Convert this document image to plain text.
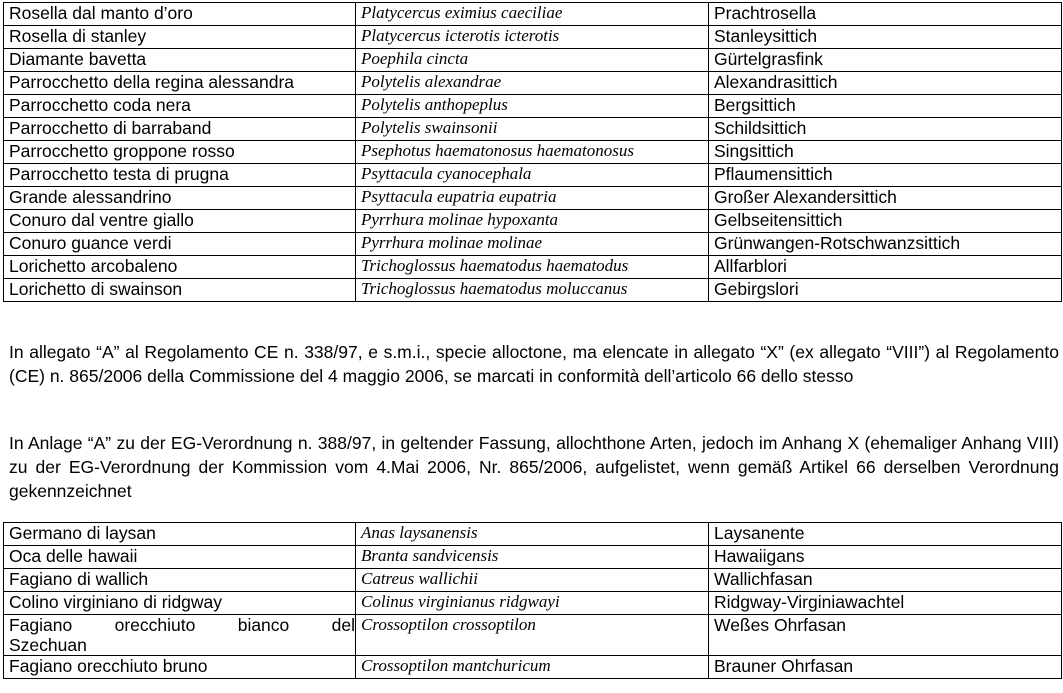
Rosella dal manto d’oro	Platycercus eximius caeciliae	Prachtrosella
Rosella di stanley	Platycercus icterotis icterotis	Stanleysittich
Diamante bavetta	Poephila cincta	Gürtelgrasfink
Parrocchetto della regina alessandra	Polytelis alexandrae	Alexandrasittich
Parrocchetto coda nera	Polytelis anthopeplus	Bergsittich
Parrocchetto di barraband	Polytelis swainsonii	Schildsittich
Parrocchetto groppone rosso	Psephotus haematonosus haematonosus	Singsittich
Parrocchetto testa di prugna	Psyttacula cyanocephala	Pflaumensittich
Grande alessandrino	Psyttacula eupatria eupatria	Großer Alexandersittich
Conuro dal ventre giallo	Pyrrhura molinae hypoxanta	Gelbseitensittich
Conuro guance verdi	Pyrrhura molinae molinae	Grünwangen-Rotschwanzsittich
Lorichetto arcobaleno	Trichoglossus haematodus haematodus	Allfarblori
Lorichetto di swainson	Trichoglossus haematodus moluccanus	Gebirgslori

In allegato “A” al Regolamento CE n. 338/97, e s.m.i., specie alloctone, ma elencate in allegato “X” (ex allegato “VIII”) al Regolamento (CE) n. 865/2006 della Commissione del 4 maggio 2006, se marcati in conformità dell’articolo 66 dello stesso

In Anlage “A” zu der EG-Verordnung n. 388/97, in geltender Fassung, allochthone Arten, jedoch im Anhang X (ehemaliger Anhang VIII) zu der EG-Verordnung der Kommission vom 4.Mai 2006, Nr. 865/2006, aufgelistet, wenn gemäß Artikel 66 derselben Verordnung gekennzeichnet

Germano di laysan	Anas laysanensis	Laysanente
Oca delle hawaii	Branta sandvicensis	Hawaiigans
Fagiano di wallich	Catreus wallichii	Wallichfasan
Colino virginiano di ridgway	Colinus virginianus ridgwayi	Ridgway-Virginiawachtel
Fagiano orecchiuto bianco del
Szechuan	Crossoptilon crossoptilon	Weßes Ohrfasan
Fagiano orecchiuto bruno	Crossoptilon mantchuricum	Brauner Ohrfasan
